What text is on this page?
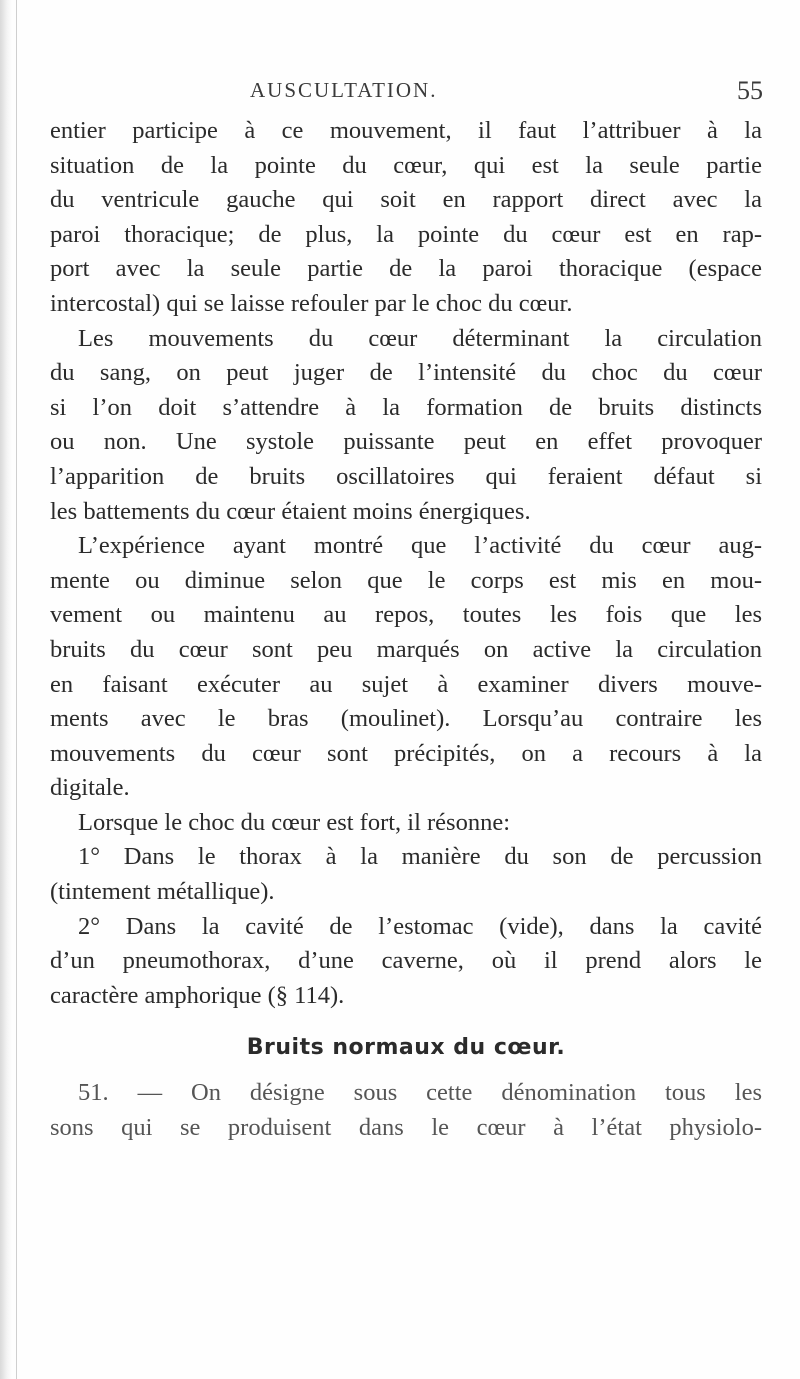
AUSCULTATION.	55
entier participe à ce mouvement, il faut l’attribuer à la
situation de la pointe du cœur, qui est la seule partie
du ventricule gauche qui soit en rapport direct avec la
paroi thoracique; de plus, la pointe du cœur est en rap-
port avec la seule partie de la paroi thoracique (espace
intercostal) qui se laisse refouler par le choc du cœur.
Les mouvements du cœur déterminant la circulation
du sang, on peut juger de l’intensité du choc du cœur
si l’on doit s’attendre à la formation de bruits distincts
ou non. Une systole puissante peut en effet provoquer
l’apparition de bruits oscillatoires qui feraient défaut si
les battements du cœur étaient moins énergiques.
L’expérience ayant montré que l’activité du cœur aug-
mente ou diminue selon que le corps est mis en mou-
vement ou maintenu au repos, toutes les fois que les
bruits du cœur sont peu marqués on active la circulation
en faisant exécuter au sujet à examiner divers mouve-
ments avec le bras (moulinet). Lorsqu’au contraire les
mouvements du cœur sont précipités, on a recours à la
digitale.
Lorsque le choc du cœur est fort, il résonne:
1° Dans le thorax à la manière du son de percussion
(tintement métallique).
2° Dans la cavité de l’estomac (vide), dans la cavité
d’un pneumothorax, d’une caverne, où il prend alors le
caractère amphorique (§ 114).
Bruits normaux du cœur.
51. — On désigne sous cette dénomination tous les
sons qui se produisent dans le cœur à l’état physiolo-
